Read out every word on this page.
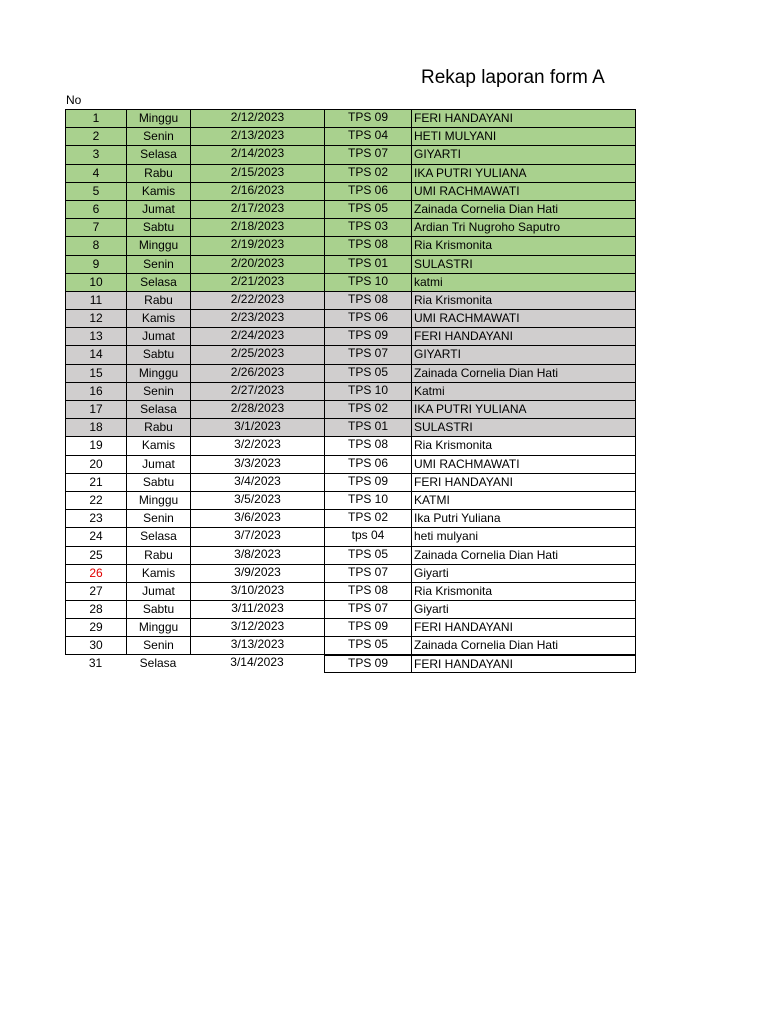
Rekap laporan form A
No
1	Minggu	2/12/2023	TPS 09	FERI HANDAYANI
2	Senin	2/13/2023	TPS 04	HETI MULYANI
3	Selasa	2/14/2023	TPS 07	GIYARTI
4	Rabu	2/15/2023	TPS 02	IKA PUTRI YULIANA
5	Kamis	2/16/2023	TPS 06	UMI RACHMAWATI
6	Jumat	2/17/2023	TPS 05	Zainada Cornelia Dian Hati
7	Sabtu	2/18/2023	TPS 03	Ardian Tri Nugroho Saputro
8	Minggu	2/19/2023	TPS 08	Ria Krismonita
9	Senin	2/20/2023	TPS 01	SULASTRI
10	Selasa	2/21/2023	TPS 10	katmi
11	Rabu	2/22/2023	TPS 08	Ria Krismonita
12	Kamis	2/23/2023	TPS 06	UMI RACHMAWATI
13	Jumat	2/24/2023	TPS 09	FERI HANDAYANI
14	Sabtu	2/25/2023	TPS 07	GIYARTI
15	Minggu	2/26/2023	TPS 05	Zainada Cornelia Dian Hati
16	Senin	2/27/2023	TPS 10	Katmi
17	Selasa	2/28/2023	TPS 02	IKA PUTRI YULIANA
18	Rabu	3/1/2023	TPS 01	SULASTRI
19	Kamis	3/2/2023	TPS 08	Ria Krismonita
20	Jumat	3/3/2023	TPS 06	UMI RACHMAWATI
21	Sabtu	3/4/2023	TPS 09	FERI HANDAYANI
22	Minggu	3/5/2023	TPS 10	KATMI
23	Senin	3/6/2023	TPS 02	Ika Putri Yuliana
24	Selasa	3/7/2023	tps 04	heti mulyani
25	Rabu	3/8/2023	TPS 05	Zainada Cornelia Dian Hati
26	Kamis	3/9/2023	TPS 07	Giyarti
27	Jumat	3/10/2023	TPS 08	Ria Krismonita
28	Sabtu	3/11/2023	TPS 07	Giyarti
29	Minggu	3/12/2023	TPS 09	FERI HANDAYANI
30	Senin	3/13/2023	TPS 05	Zainada Cornelia Dian Hati
31	Selasa	3/14/2023	TPS 09	FERI HANDAYANI
